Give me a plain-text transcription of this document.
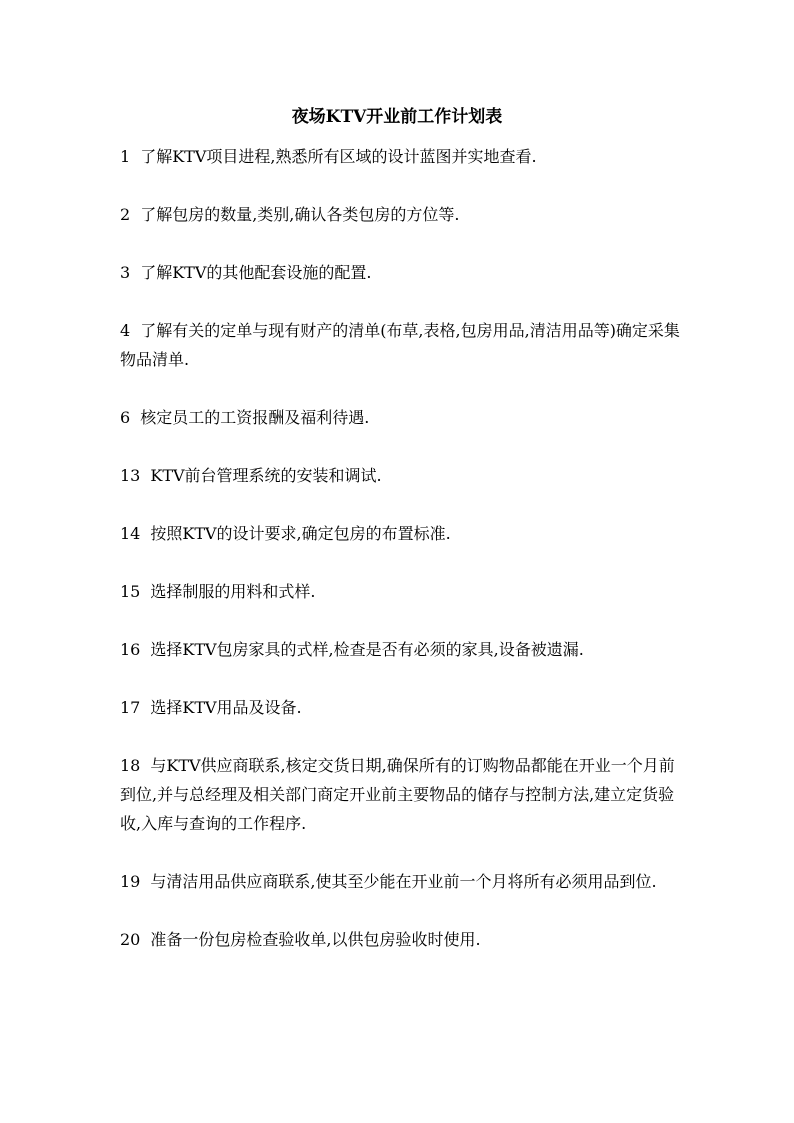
夜场KTV开业前工作计划表
1 了解KTV项目进程,熟悉所有区域的设计蓝图并实地查看.
2 了解包房的数量,类别,确认各类包房的方位等.
3 了解KTV的其他配套设施的配置.
4 了解有关的定单与现有财产的清单(布草,表格,包房用品,清洁用品等)确定采集物品清单.
6 核定员工的工资报酬及福利待遇.
13 KTV前台管理系统的安装和调试.
14 按照KTV的设计要求,确定包房的布置标准.
15 选择制服的用料和式样.
16 选择KTV包房家具的式样,检查是否有必须的家具,设备被遗漏.
17 选择KTV用品及设备.
18 与KTV供应商联系,核定交货日期,确保所有的订购物品都能在开业一个月前到位,并与总经理及相关部门商定开业前主要物品的储存与控制方法,建立定货验收,入库与查询的工作程序.
19 与清洁用品供应商联系,使其至少能在开业前一个月将所有必须用品到位.
20 准备一份包房检查验收单,以供包房验收时使用.
